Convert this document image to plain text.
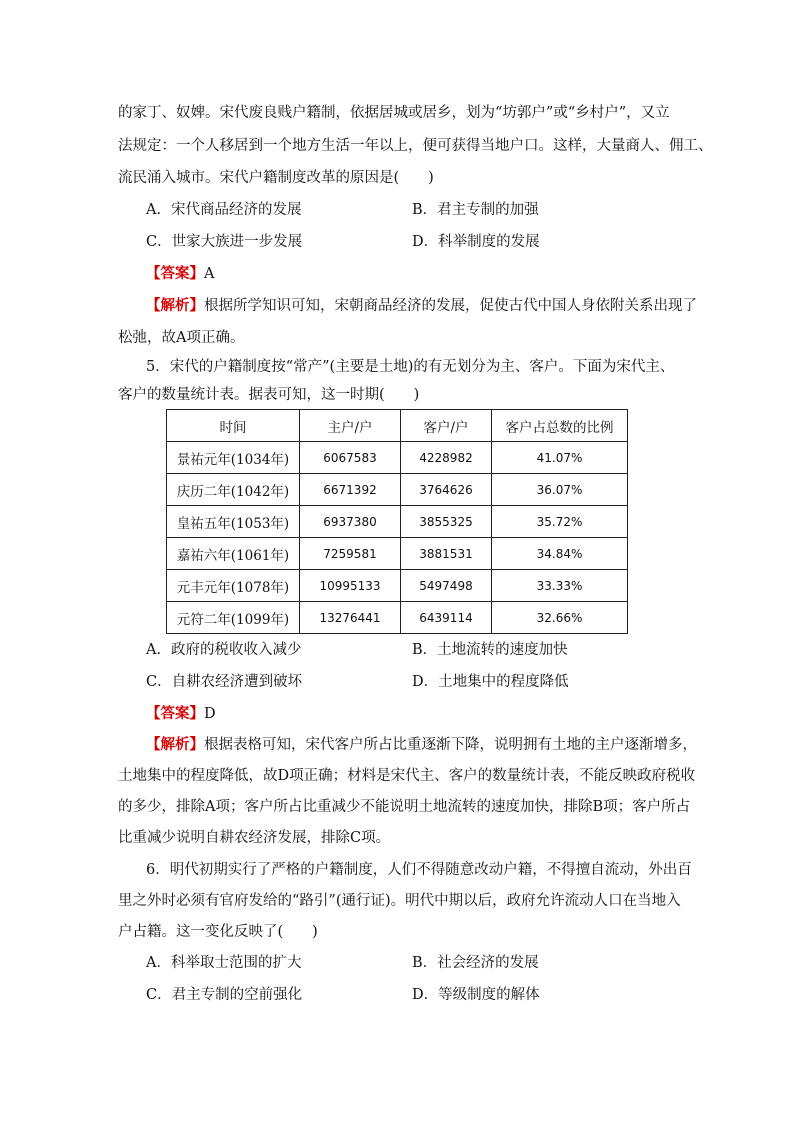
的家丁、奴婢。宋代废良贱户籍制，依据居城或居乡，划为“坊郭户”或“乡村户”，又立
法规定：一个人移居到一个地方生活一年以上，便可获得当地户口。这样，大量商人、佣工、
流民涌入城市。宋代户籍制度改革的原因是(　　)
A．宋代商品经济的发展	B．君主专制的加强
C．世家大族进一步发展	D．科举制度的发展
【答案】A
【解析】根据所学知识可知，宋朝商品经济的发展，促使古代中国人身依附关系出现了
松弛，故A项正确。
5．宋代的户籍制度按“常产”(主要是土地)的有无划分为主、客户。下面为宋代主、
客户的数量统计表。据表可知，这一时期(　　)
时间	主户/户	客户/户	客户占总数的比例
景祐元年(1034年)	6067583	4228982	41.07%
庆历二年(1042年)	6671392	3764626	36.07%
皇祐五年(1053年)	6937380	3855325	35.72%
嘉祐六年(1061年)	7259581	3881531	34.84%
元丰元年(1078年)	10995133	5497498	33.33%
元符二年(1099年)	13276441	6439114	32.66%
A．政府的税收收入减少	B．土地流转的速度加快
C．自耕农经济遭到破坏	D．土地集中的程度降低
【答案】D
【解析】根据表格可知，宋代客户所占比重逐渐下降，说明拥有土地的主户逐渐增多，
土地集中的程度降低，故D项正确；材料是宋代主、客户的数量统计表，不能反映政府税收
的多少，排除A项；客户所占比重减少不能说明土地流转的速度加快，排除B项；客户所占
比重减少说明自耕农经济发展，排除C项。
6．明代初期实行了严格的户籍制度，人们不得随意改动户籍，不得擅自流动，外出百
里之外时必须有官府发给的“路引”(通行证)。明代中期以后，政府允许流动人口在当地入
户占籍。这一变化反映了(　　)
A．科举取士范围的扩大	B．社会经济的发展
C．君主专制的空前强化	D．等级制度的解体
